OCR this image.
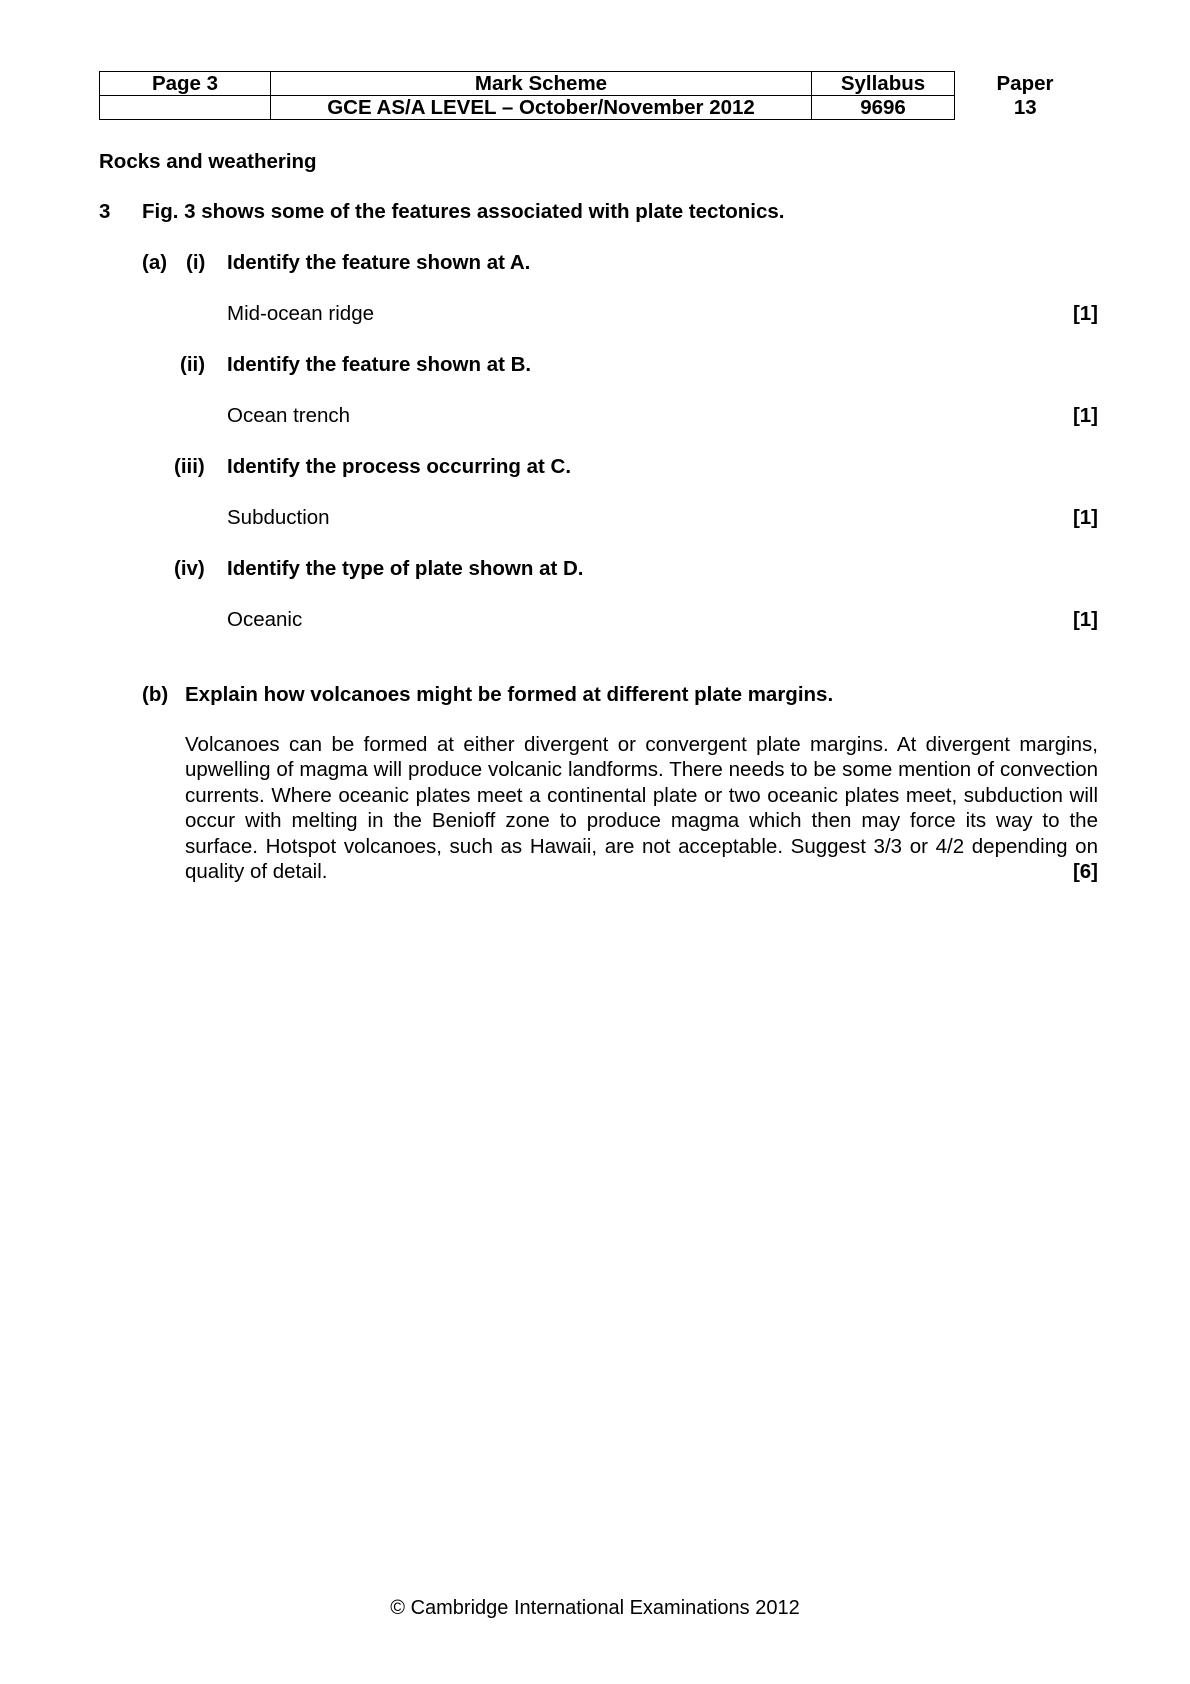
Page 3	Mark Scheme	Syllabus	Paper
	GCE AS/A LEVEL – October/November 2012	9696	13
Rocks and weathering
3 Fig. 3 shows some of the features associated with plate tectonics.
(a) (i) Identify the feature shown at A.
Mid-ocean ridge	[1]
(ii) Identify the feature shown at B.
Ocean trench	[1]
(iii) Identify the process occurring at C.
Subduction	[1]
(iv) Identify the type of plate shown at D.
Oceanic	[1]
(b) Explain how volcanoes might be formed at different plate margins.
Volcanoes can be formed at either divergent or convergent plate margins. At divergent margins, upwelling of magma will produce volcanic landforms. There needs to be some mention of convection currents. Where oceanic plates meet a continental plate or two oceanic plates meet, subduction will occur with melting in the Benioff zone to produce magma which then may force its way to the surface. Hotspot volcanoes, such as Hawaii, are not acceptable. Suggest 3/3 or 4/2 depending on quality of detail.	[6]
© Cambridge International Examinations 2012
